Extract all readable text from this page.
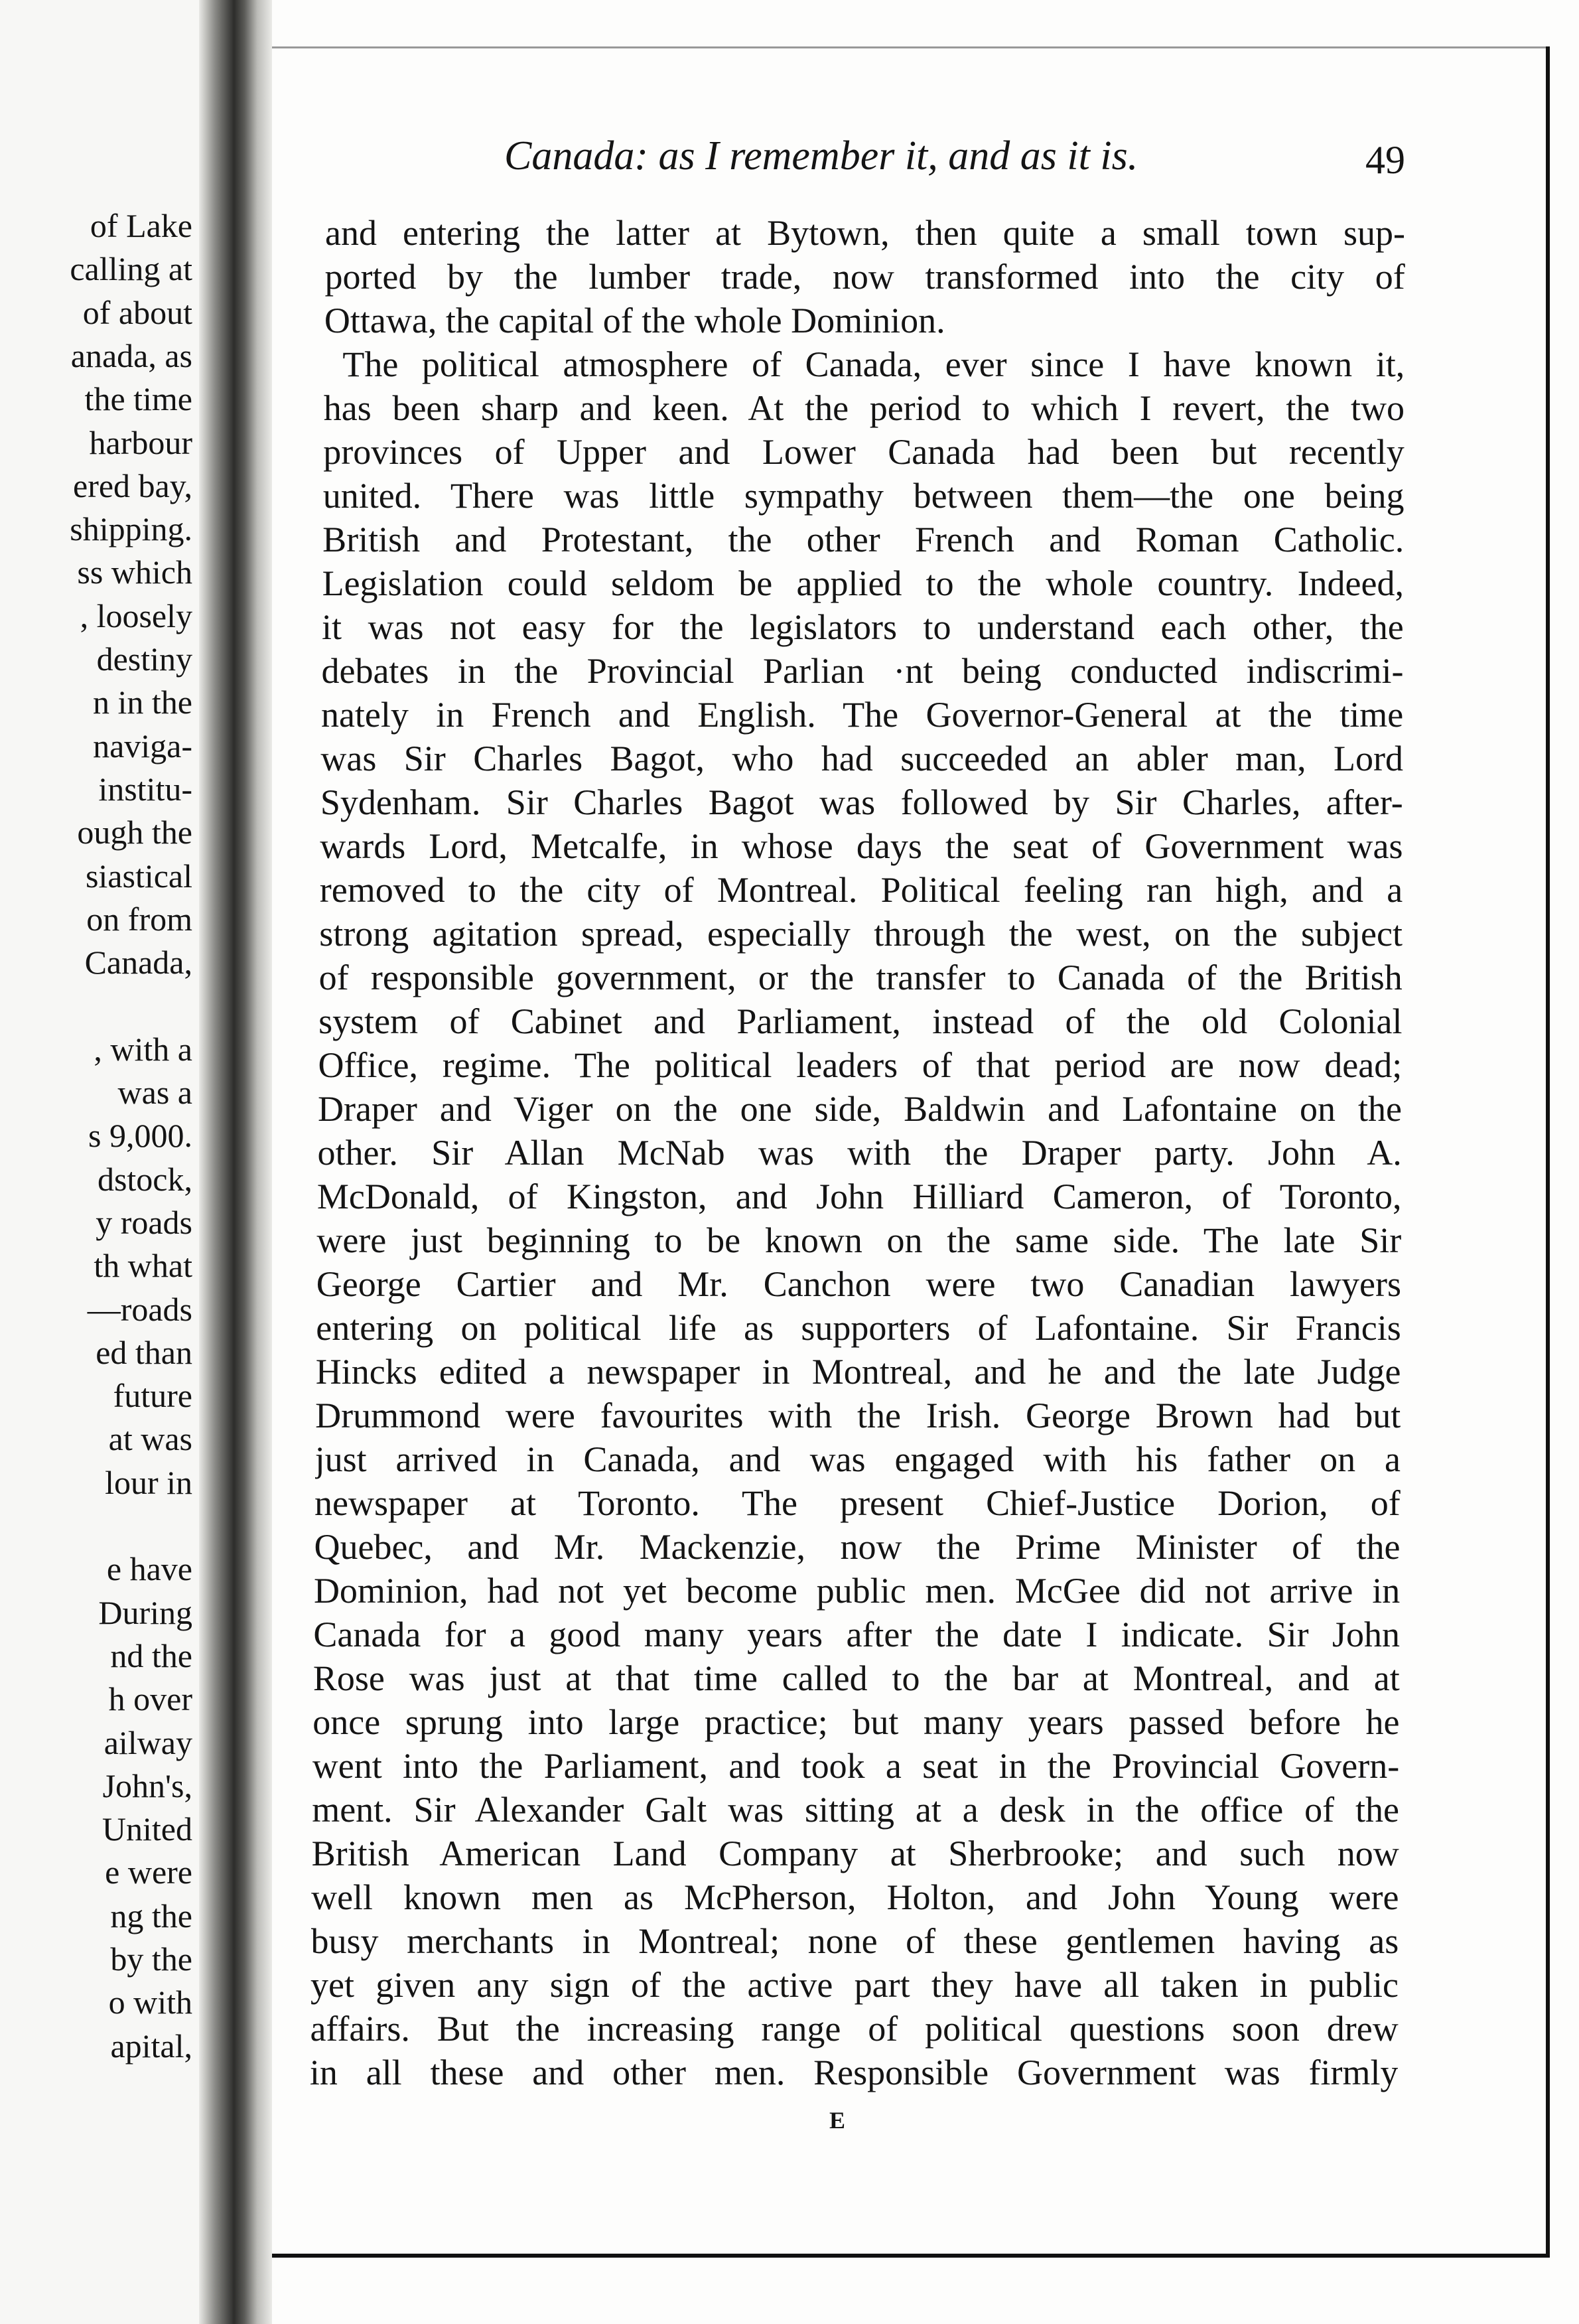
of Lake
calling at
of about
anada, as
the time
harbour
ered bay,
shipping.
ss which
, loosely
destiny
n in the
naviga-
institu-
ough the
siastical
on from
Canada,
, with a
was a
s 9,000.
dstock,
y roads
th what
—roads
ed than
future
at was
lour in
e have
During
nd the
h over
ailway
John's,
United
e were
ng the
by the
o with
apital,
Canada: as I remember it, and as it is.	49
and entering the latter at Bytown, then quite a small town sup-
ported by the lumber trade, now transformed into the city of
Ottawa, the capital of the whole Dominion.
The political atmosphere of Canada, ever since I have known it,
has been sharp and keen. At the period to which I revert, the two
provinces of Upper and Lower Canada had been but recently
united. There was little sympathy between them—the one being
British and Protestant, the other French and Roman Catholic.
Legislation could seldom be applied to the whole country. Indeed,
it was not easy for the legislators to understand each other, the
debates in the Provincial Parlian ·nt being conducted indiscrimi-
nately in French and English. The Governor-General at the time
was Sir Charles Bagot, who had succeeded an abler man, Lord
Sydenham. Sir Charles Bagot was followed by Sir Charles, after-
wards Lord, Metcalfe, in whose days the seat of Government was
removed to the city of Montreal. Political feeling ran high, and a
strong agitation spread, especially through the west, on the subject
of responsible government, or the transfer to Canada of the British
system of Cabinet and Parliament, instead of the old Colonial
Office, regime. The political leaders of that period are now dead;
Draper and Viger on the one side, Baldwin and Lafontaine on the
other. Sir Allan McNab was with the Draper party. John A.
McDonald, of Kingston, and John Hilliard Cameron, of Toronto,
were just beginning to be known on the same side. The late Sir
George Cartier and Mr. Canchon were two Canadian lawyers
entering on political life as supporters of Lafontaine. Sir Francis
Hincks edited a newspaper in Montreal, and he and the late Judge
Drummond were favourites with the Irish. George Brown had but
just arrived in Canada, and was engaged with his father on a
newspaper at Toronto. The present Chief-Justice Dorion, of
Quebec, and Mr. Mackenzie, now the Prime Minister of the
Dominion, had not yet become public men. McGee did not arrive in
Canada for a good many years after the date I indicate. Sir John
Rose was just at that time called to the bar at Montreal, and at
once sprung into large practice; but many years passed before he
went into the Parliament, and took a seat in the Provincial Govern-
ment. Sir Alexander Galt was sitting at a desk in the office of the
British American Land Company at Sherbrooke; and such now
well known men as McPherson, Holton, and John Young were
busy merchants in Montreal; none of these gentlemen having as
yet given any sign of the active part they have all taken in public
affairs. But the increasing range of political questions soon drew
in all these and other men. Responsible Government was firmly
E
